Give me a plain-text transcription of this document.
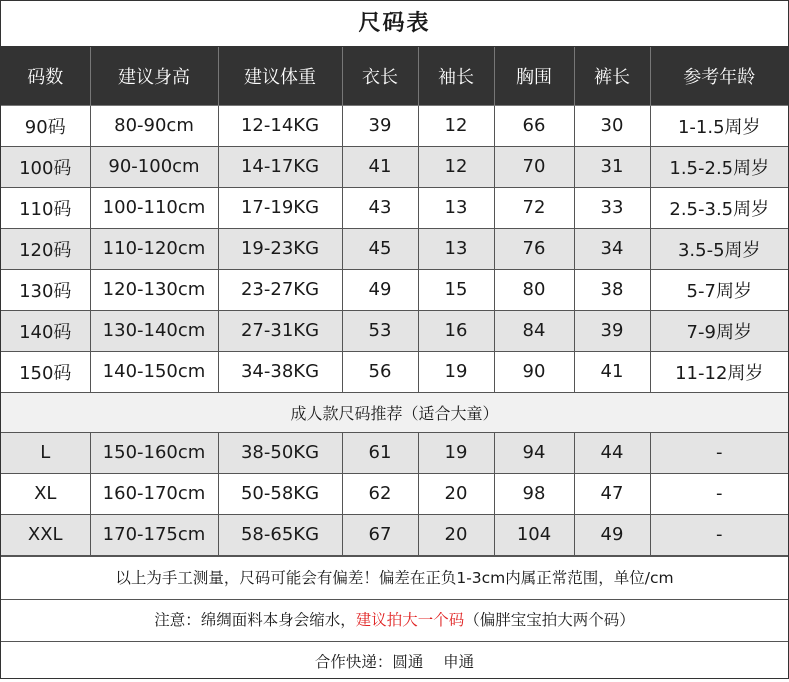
尺码表
码数	建议身高	建议体重	衣长	袖长	胸围	裤长	参考年龄
90码	80-90cm	12-14KG	39	12	66	30	1-1.5周岁
100码	90-100cm	14-17KG	41	12	70	31	1.5-2.5周岁
110码	100-110cm	17-19KG	43	13	72	33	2.5-3.5周岁
120码	110-120cm	19-23KG	45	13	76	34	3.5-5周岁
130码	120-130cm	23-27KG	49	15	80	38	5-7周岁
140码	130-140cm	27-31KG	53	16	84	39	7-9周岁
150码	140-150cm	34-38KG	56	19	90	41	11-12周岁
成人款尺码推荐（适合大童）							
L	150-160cm	38-50KG	61	19	94	44	-
XL	160-170cm	50-58KG	62	20	98	47	-
XXL	170-175cm	58-65KG	67	20	104	49	-
以上为手工测量，尺码可能会有偏差！偏差在正负1-3cm内属正常范围，单位/cm
注意：绵绸面料本身会缩水，建议拍大一个码（偏胖宝宝拍大两个码）
合作快递：圆通    申通
